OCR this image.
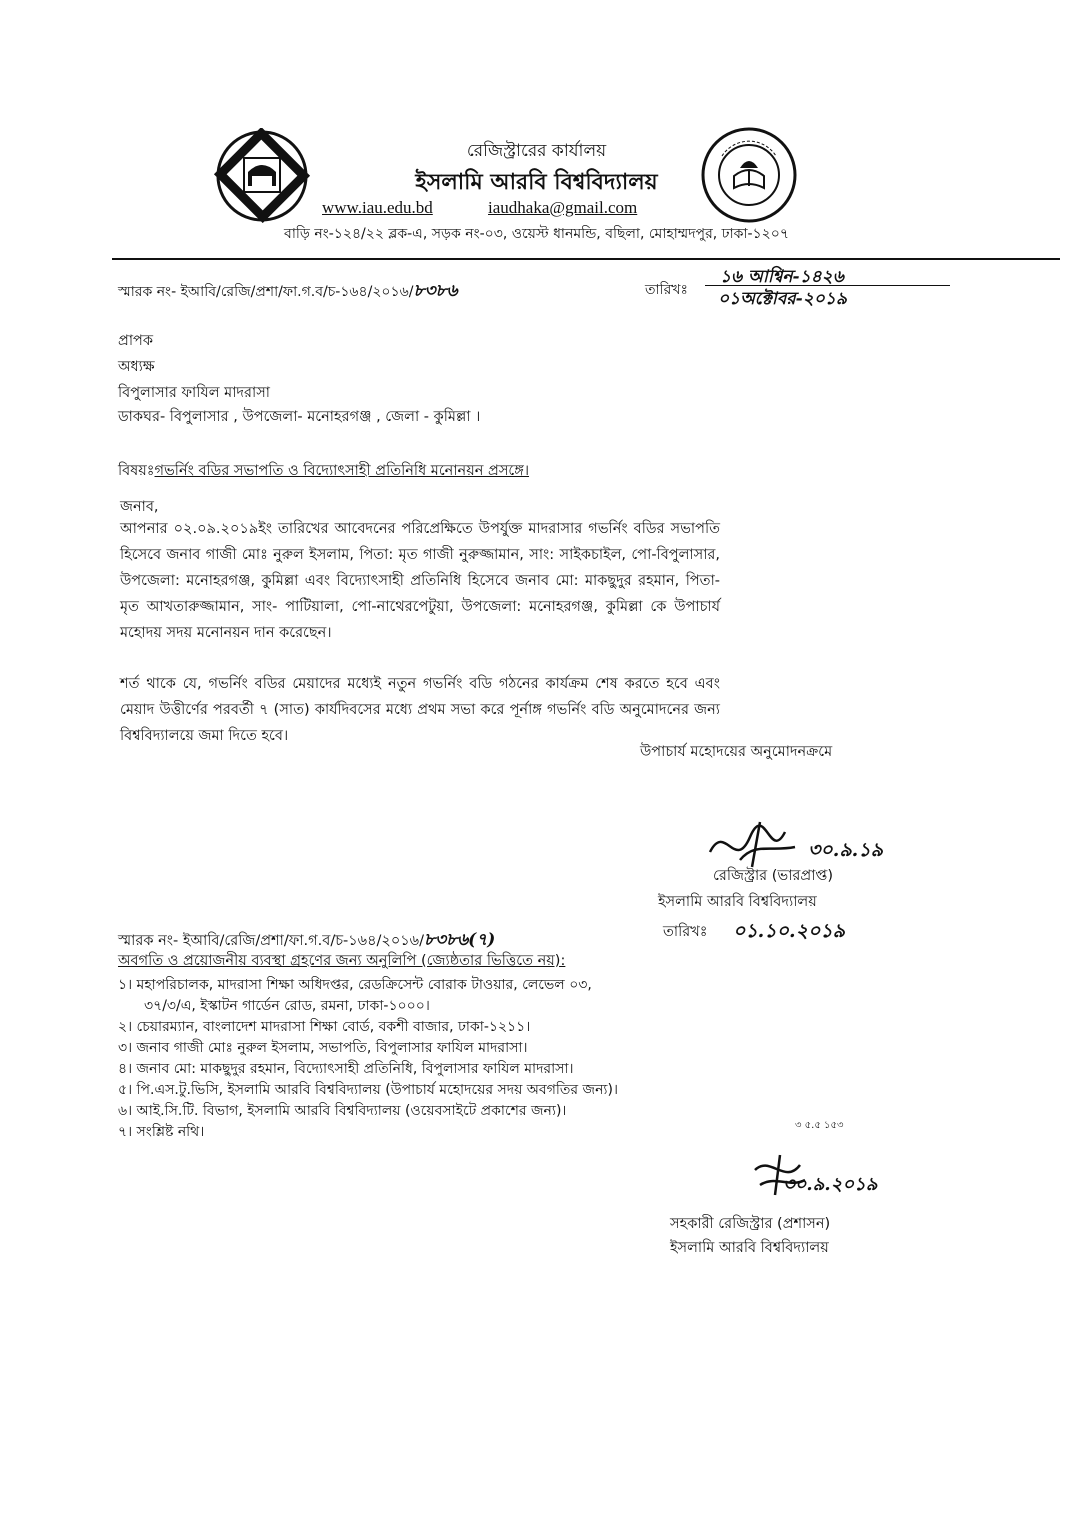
রেজিস্ট্রারের কার্যালয়
ইসলামি আরবি বিশ্ববিদ্যালয়
www.iau.edu.bd	iaudhaka@gmail.com
বাড়ি নং-১২৪/২২ ব্লক-এ, সড়ক নং-০৩, ওয়েস্ট ধানমন্ডি, বছিলা, মোহাম্মদপুর, ঢাকা-১২০৭
স্মারক নং- ইআবি/রেজি/প্রশা/ফা.গ.ব/চ-১৬৪/২০১৬/৮৩৮৬	তারিখঃ
১৬ আশ্বিন-১৪২৬
০১অক্টোবর-২০১৯
প্রাপক
অধ্যক্ষ
বিপুলাসার ফাযিল মাদরাসা
ডাকঘর- বিপুলাসার , উপজেলা- মনোহরগঞ্জ , জেলা - কুমিল্লা ।
বিষয়ঃগভর্নিং বডির সভাপতি ও বিদ্যোৎসাহী প্রতিনিধি মনোনয়ন প্রসঙ্গে।
জনাব,
আপনার ০২.০৯.২০১৯ইং তারিখের আবেদনের পরিপ্রেক্ষিতে উপর্যুক্ত মাদরাসার গভর্নিং বডির সভাপতি হিসেবে জনাব গাজী মোঃ নুরুল ইসলাম, পিতা: মৃত গাজী নুরুজ্জামান, সাং: সাইকচাইল, পো-বিপুলাসার, উপজেলা: মনোহরগঞ্জ, কুমিল্লা এবং বিদ্যোৎসাহী প্রতিনিধি হিসেবে জনাব মো: মাকছুদুর রহমান, পিতা- মৃত আখতারুজ্জামান, সাং- পাটিয়ালা, পো-নাথেরপেটুয়া, উপজেলা: মনোহরগঞ্জ, কুমিল্লা কে উপাচার্য মহোদয় সদয় মনোনয়ন দান করেছেন।
শর্ত থাকে যে, গভর্নিং বডির মেয়াদের মধ্যেই নতুন গভর্নিং বডি গঠনের কার্যক্রম শেষ করতে হবে এবং মেয়াদ উত্তীর্ণের পরবর্তী ৭ (সাত) কার্যদিবসের মধ্যে প্রথম সভা করে পূর্নাঙ্গ গভর্নিং বডি অনুমোদনের জন্য বিশ্ববিদ্যালয়ে জমা দিতে হবে।
উপাচার্য মহোদয়ের অনুমোদনক্রমে
৩০.৯.১৯
রেজিস্ট্রার (ভারপ্রাপ্ত)
ইসলামি আরবি বিশ্ববিদ্যালয়
তারিখঃ ০১.১০.২০১৯
স্মারক নং- ইআবি/রেজি/প্রশা/ফা.গ.ব/চ-১৬৪/২০১৬/৮৩৮৬(৭)
অবগতি ও প্রয়োজনীয় ব্যবস্থা গ্রহণের জন্য অনুলিপি (জ্যেষ্ঠতার ভিত্তিতে নয়):
১। মহাপরিচালক, মাদরাসা শিক্ষা অধিদপ্তর, রেডক্রিসেন্ট বোরাক টাওয়ার, লেভেল ০৩,
৩৭/৩/এ, ইস্কাটন গার্ডেন রোড, রমনা, ঢাকা-১০০০।
২। চেয়ারম্যান, বাংলাদেশ মাদরাসা শিক্ষা বোর্ড, বকশী বাজার, ঢাকা-১২১১।
৩। জনাব গাজী মোঃ নুরুল ইসলাম, সভাপতি, বিপুলাসার ফাযিল মাদরাসা।
৪। জনাব মো: মাকছুদুর রহমান, বিদ্যোৎসাহী প্রতিনিধি, বিপুলাসার ফাযিল মাদরাসা।
৫। পি.এস.টু.ভিসি, ইসলামি আরবি বিশ্ববিদ্যালয় (উপাচার্য মহোদয়ের সদয় অবগতির জন্য)।
৬। আই.সি.টি. বিভাগ, ইসলামি আরবি বিশ্ববিদ্যালয় (ওয়েবসাইটে প্রকাশের জন্য)।
৭। সংশ্লিষ্ট নথি।	৩ ৫.৫ ১৫৩
৩০.৯.২০১৯
সহকারী রেজিস্ট্রার (প্রশাসন)
ইসলামি আরবি বিশ্ববিদ্যালয়
